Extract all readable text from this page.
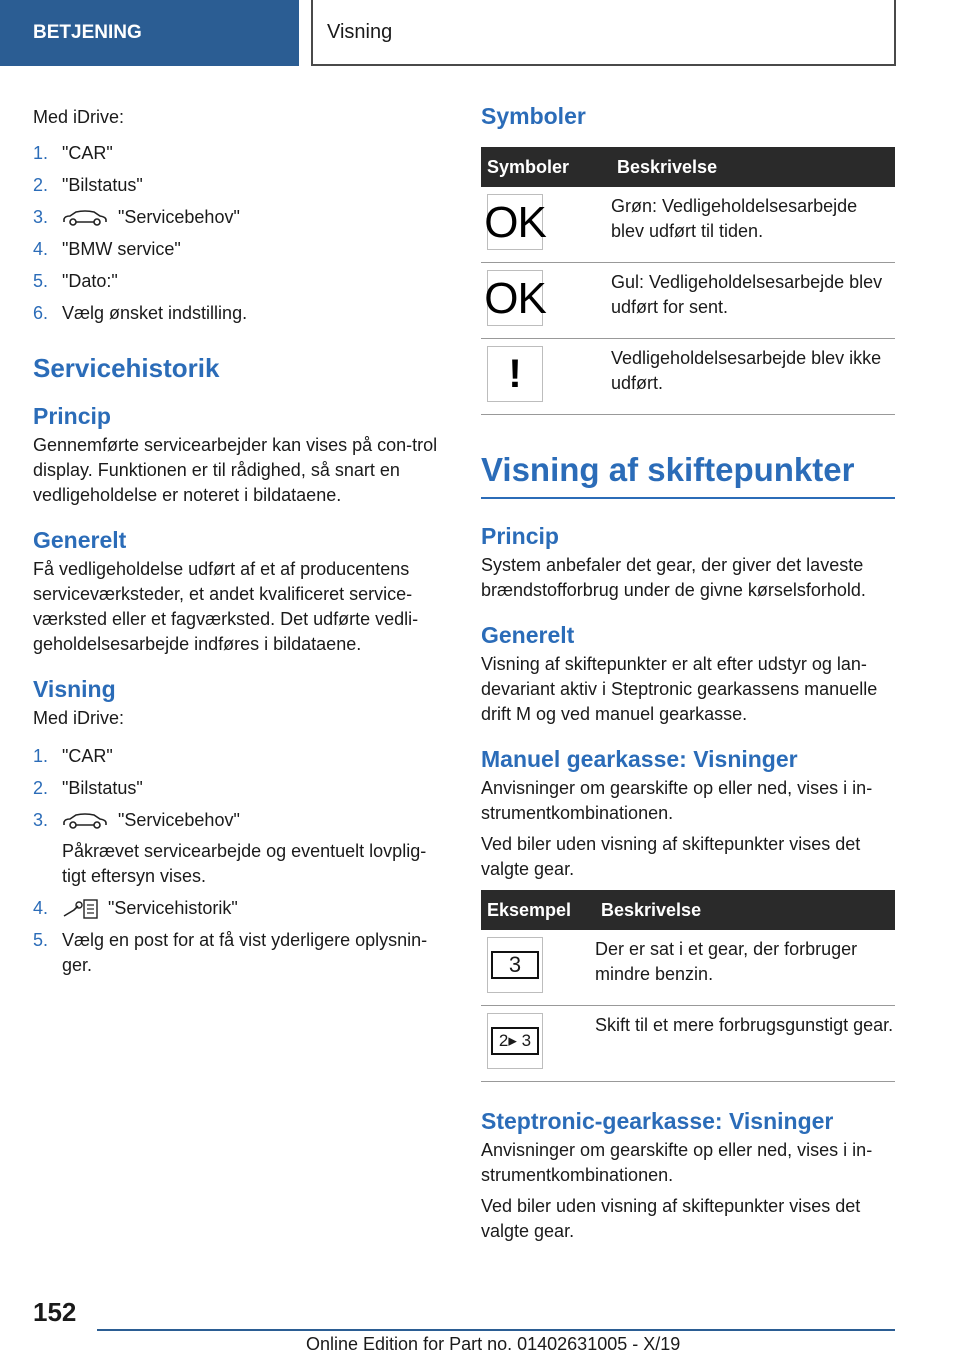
BETJENING	Visning

Med iDrive:

1. "CAR"
2. "Bilstatus"
3.	"Servicebehov"
4. "BMW service"
5. "Dato:"
6. Vælg ønsket indstilling.
Servicehistorik
Princip

Gennemførte servicearbejder kan vises på con-trol display. Funktionen er til rådighed, så snart en vedligeholdelse er noteret i bildataene.

Generelt

Få vedligeholdelse udført af et af producentens serviceværksteder, et andet kvalificeret service-værksted eller et fagværksted. Det udførte vedli-geholdelsesarbejde indføres i bildataene.

Visning

Med iDrive:

1. "CAR"
2. "Bilstatus"
3.	"Servicebehov"
Påkrævet servicearbejde og eventuelt lovplig-tigt eftersyn vises.
4.	"Servicehistorik"
5. Vælg en post for at få vist yderligere oplysnin-ger.
Symboler
Symboler	Beskrivelse

OK	Grøn: Vedligeholdelsesarbejde blev udført til tiden.

OK	Gul: Vedligeholdelsesarbejde blev udført for sent.

!	Vedligeholdelsesarbejde blev ikke udført.
Visning af skiftepunkter
Princip

System anbefaler det gear, der giver det laveste brændstofforbrug under de givne kørselsforhold.

Generelt

Visning af skiftepunkter er alt efter udstyr og lan-devariant aktiv i Steptronic gearkassens manuelle drift M og ved manuel gearkasse.

Manuel gearkasse: Visninger

Anvisninger om gearskifte op eller ned, vises i in-strumentkombinationen.

Ved biler uden visning af skiftepunkter vises det valgte gear.

Eksempel	Beskrivelse

3	Der er sat i et gear, der forbruger mindre benzin.

2▸ 3	Skift til et mere forbrugsgunstigt gear.
Steptronic-gearkasse: Visninger

Anvisninger om gearskifte op eller ned, vises i in-strumentkombinationen.

Ved biler uden visning af skiftepunkter vises det valgte gear.

152
Online Edition for Part no. 01402631005 - X/19
